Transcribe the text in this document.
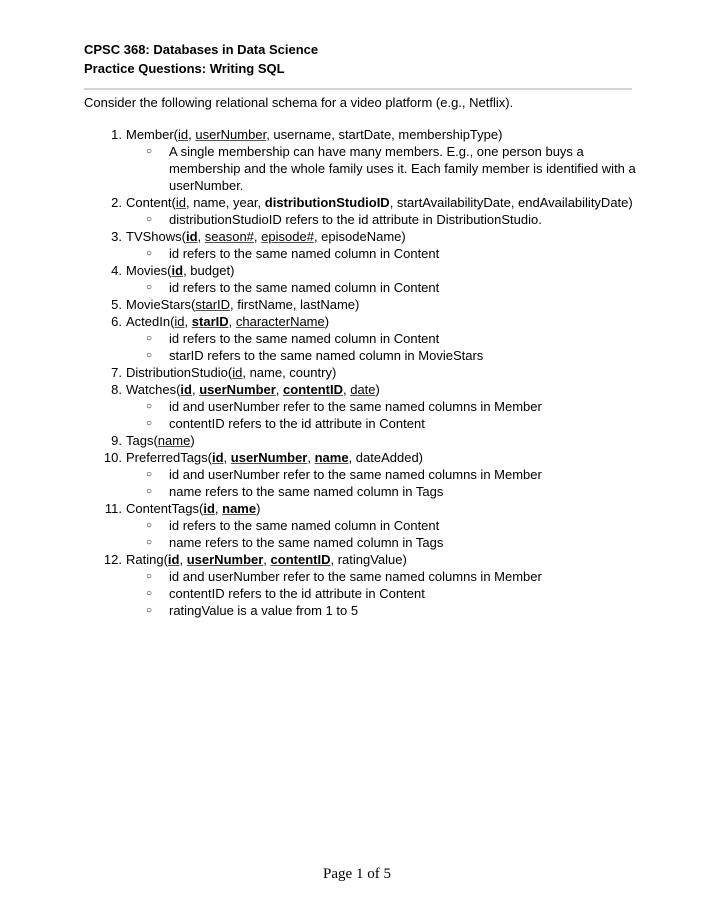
CPSC 368: Databases in Data Science
Practice Questions: Writing SQL
Consider the following relational schema for a video platform (e.g., Netflix).
1. Member(id, userNumber, username, startDate, membershipType)
○ A single membership can have many members. E.g., one person buys a membership and the whole family uses it. Each family member is identified with a userNumber.
2. Content(id, name, year, distributionStudioID, startAvailabilityDate, endAvailabilityDate)
○ distributionStudioID refers to the id attribute in DistributionStudio.
3. TVShows(id, season#, episode#, episodeName)
○ id refers to the same named column in Content
4. Movies(id, budget)
○ id refers to the same named column in Content
5. MovieStars(starID, firstName, lastName)
6. ActedIn(id, starID, characterName)
○ id refers to the same named column in Content
○ starID refers to the same named column in MovieStars
7. DistributionStudio(id, name, country)
8. Watches(id, userNumber, contentID, date)
○ id and userNumber refer to the same named columns in Member
○ contentID refers to the id attribute in Content
9. Tags(name)
10. PreferredTags(id, userNumber, name, dateAdded)
○ id and userNumber refer to the same named columns in Member
○ name refers to the same named column in Tags
11. ContentTags(id, name)
○ id refers to the same named column in Content
○ name refers to the same named column in Tags
12. Rating(id, userNumber, contentID, ratingValue)
○ id and userNumber refer to the same named columns in Member
○ contentID refers to the id attribute in Content
○ ratingValue is a value from 1 to 5
Page 1 of 5
